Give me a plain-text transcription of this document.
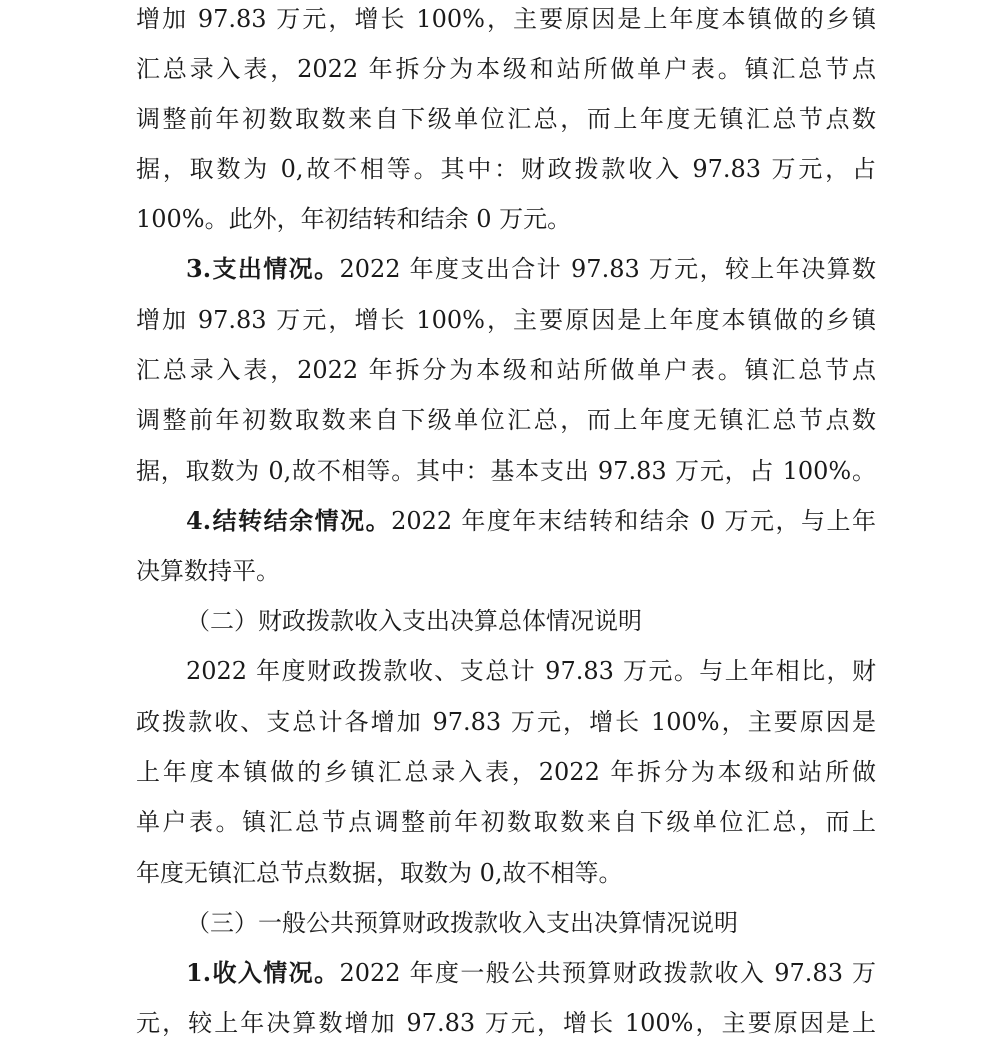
增加 97.83 万元，增长 100%，主要原因是上年度本镇做的乡镇
汇总录入表，2022 年拆分为本级和站所做单户表。镇汇总节点
调整前年初数取数来自下级单位汇总，而上年度无镇汇总节点数
据，取数为 0,故不相等。其中：财政拨款收入 97.83 万元，占
100%。此外，年初结转和结余 0 万元。
3.支出情况。2022 年度支出合计 97.83 万元，较上年决算数
增加 97.83 万元，增长 100%，主要原因是上年度本镇做的乡镇
汇总录入表，2022 年拆分为本级和站所做单户表。镇汇总节点
调整前年初数取数来自下级单位汇总，而上年度无镇汇总节点数
据，取数为 0,故不相等。其中：基本支出 97.83 万元，占 100%。
4.结转结余情况。2022 年度年末结转和结余 0 万元，与上年
决算数持平。
（二）财政拨款收入支出决算总体情况说明
2022 年度财政拨款收、支总计 97.83 万元。与上年相比，财
政拨款收、支总计各增加 97.83 万元，增长 100%，主要原因是
上年度本镇做的乡镇汇总录入表，2022 年拆分为本级和站所做
单户表。镇汇总节点调整前年初数取数来自下级单位汇总，而上
年度无镇汇总节点数据，取数为 0,故不相等。
（三）一般公共预算财政拨款收入支出决算情况说明
1.收入情况。2022 年度一般公共预算财政拨款收入 97.83 万
元，较上年决算数增加 97.83 万元，增长 100%，主要原因是上
